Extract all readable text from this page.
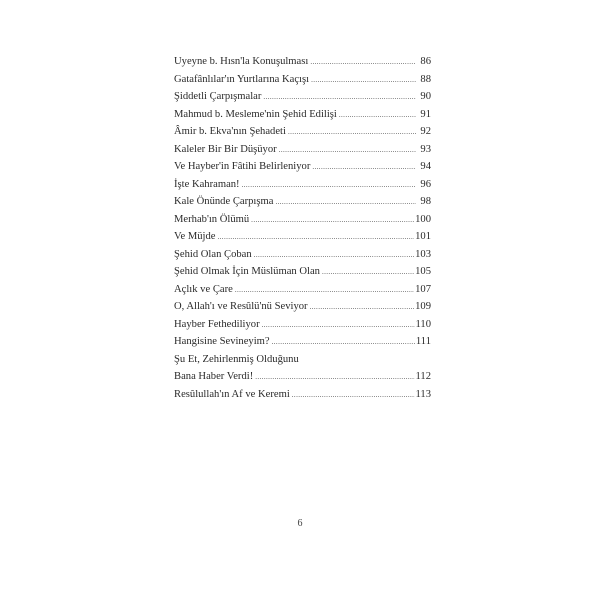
Uyeyne b. Hısn'la Konuşulması .....	86
Gatafânlılar'ın Yurtlarına Kaçışı .....	88
Şiddetli Çarpışmalar .....	90
Mahmud b. Mesleme'nin Şehid Edilişi .....	91
Âmir b. Ekva'nın Şehadeti .....	92
Kaleler Bir Bir Düşüyor .....	93
Ve Hayber'in Fâtihi Belirleniyor .....	94
İşte Kahraman! .....	96
Kale Önünde Çarpışma .....	98
Merhab'ın Ölümü .....	100
Ve Müjde .....	101
Şehid Olan Çoban .....	103
Şehid Olmak İçin Müslüman Olan .....	105
Açlık ve Çare .....	107
O, Allah'ı ve Resûlü'nü Seviyor .....	109
Hayber Fethediliyor .....	110
Hangisine Sevineyim? .....	111
Şu Et, Zehirlenmiş Olduğunu
Bana Haber Verdi! .....	112
Resûlullah'ın Af ve Keremi .....	113
6
